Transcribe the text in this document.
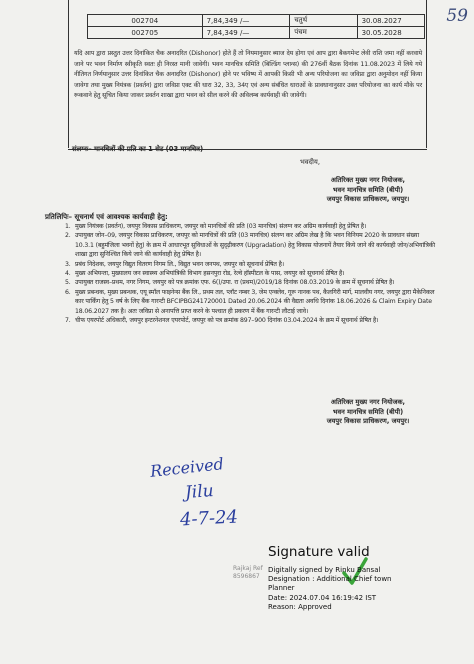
59
002704	7,84,349 /—	चतुर्थ	30.08.2027
002705	7,84,349 /—	पंचम	30.05.2028
यदि आप द्वारा प्रस्तुत उत्तर दिनांकित चैक अनादरित (Dishonor) होते हैं तो नियमानुसार ब्याज देय होगा एवं आप द्वारा बैकगमेन्ट लेवी राशि जमा नहीं करवाये जाने पर भवन निर्माण स्वीकृति स्वतः ही निरस्त मानी जावेगी। भवन मानचित्र समिति (बिल्डिंग प्लान्स) की 276वीं बैठक दिनांक 11.08.2023 में लिये गये नीतिगत निर्णयानुसार उत्तर दिनांकित चैक अनादरित (Dishonor) होने पर भविष्य में आपकी किसी भी अन्य परियोजना का जविप्रा द्वारा अनुमोदन नहीं किया जावेगा तथा मुख्य नियंत्रक (प्रवर्तन) द्वारा जविप्रा एक्ट की धारा 32, 33, 34ए एवं अन्य संबंधित धाराओं के प्रावधानानुसार उक्त परियोजना का कार्य मौके पर रूकवाने हेतु सूचित किया जाकर प्रवर्तन शाखा द्वारा भवन को सील करने की अविलम्ब कार्यवाही की जावेगी।
संलग्नः– मानचित्रों की प्रति का 1 सेट (03 मानचित्र)
भवदीय,
अतिरिक्त मुख्य नगर नियोजक,
भवन मानचित्र समिति (बीपी)
जयपुर विकास प्राधिकरण, जयपुर।
प्रतिलिपिः– सूचनार्थ एवं आवश्यक कार्यवाही हेतु:
1. मुख्य नियंत्रक (प्रवर्तन), जयपुर विकास प्राधिकरण, जयपुर को मानचित्रों की प्रति (03 मानचित्र) संलग्न कर अग्रिम कार्यवाही हेतु प्रेषित है।
2. उपायुक्त जोन–09, जयपुर विकास प्राधिकरण, जयपुर को मानचित्रों की प्रति (03 मानचित्र) संलग्न कर अग्रिम लेख है कि भवन विनियम 2020 के प्रावधान संख्या 10.3.1 (बहुमंजिला भवनों हेतु) के क्रम में आधारभूत सुविधाओं के सुदृढ़ीकरण (Upgradation) हेतु विकास योजनायें तैयार किये जाने की कार्यवाही जोन/अभियांत्रिकी शाखा द्वारा सुनिश्चित किये जाने की कार्यवाही हेतु प्रेषित है।
3. प्रबंध निदेशक, जयपुर विद्युत वितरण निगम लि., विद्युत भवन जनपथ, जयपुर को सूचनार्थ प्रेषित है।
4. मुख्य अभियन्ता, मुख्यालय जन स्वास्थ्य अभियांत्रिकी विभाग हसनपुरा रोड, रेल्वे हॉस्पीटल के पास, जयपुर को सूचनार्थ प्रेषित है।
5. उपायुक्त राजस्व–प्रथम, नगर निगम, जयपुर को पत्र क्रमांक एफ. 6()/उपा. रा (प्रथम)/2019/18 दिनांक 08.03.2019 के क्रम में सूचनार्थ प्रेषित है।
6. मुख्य प्रबन्धक, मुख्य प्रबन्धक, एयू स्मॉल फाइनेन्स बैंक लि., प्रथम तल, प्लॉट नम्बर 3, जेम एन्क्लेव, गूरू नानक पथ, कैलगिरी मार्ग, मालवीय नगर, जयपुर द्वारा मैकेनिकल कार पार्किंग हेतु 5 वर्ष के लिए बैंक गारन्टी BFCIPBG241720001 Dated 20.06.2024 की वैद्यता अवधि दिनांक 18.06.2026 & Claim Expiry Date 18.06.2027 तक है। अतः जविप्रा से अनापत्ति प्राप्त करने के पश्चात ही प्रकरण में बैंक गारन्टी लौटाई जावे।
7. चीफ एयरपोर्ट अधिकारी, जयपुर इन्टरनेशनल एयरपोर्ट, जयपुर को पत्र क्रमांक 897–900 दिनांक 03.04.2024 के क्रम में सूचनार्थ प्रेषित है।
अतिरिक्त मुख्य नगर नियोजक,
भवन मानचित्र समिति (बीपी)
जयपुर विकास प्राधिकरण, जयपुर।
Received
Jilu
4-7-24
Rajkaj Ref
8596867
Signature valid
Digitally signed by Rinku Bansal
Designation : Additional Chief town
Planner
Date: 2024.07.04 16:19:42 IST
Reason: Approved
